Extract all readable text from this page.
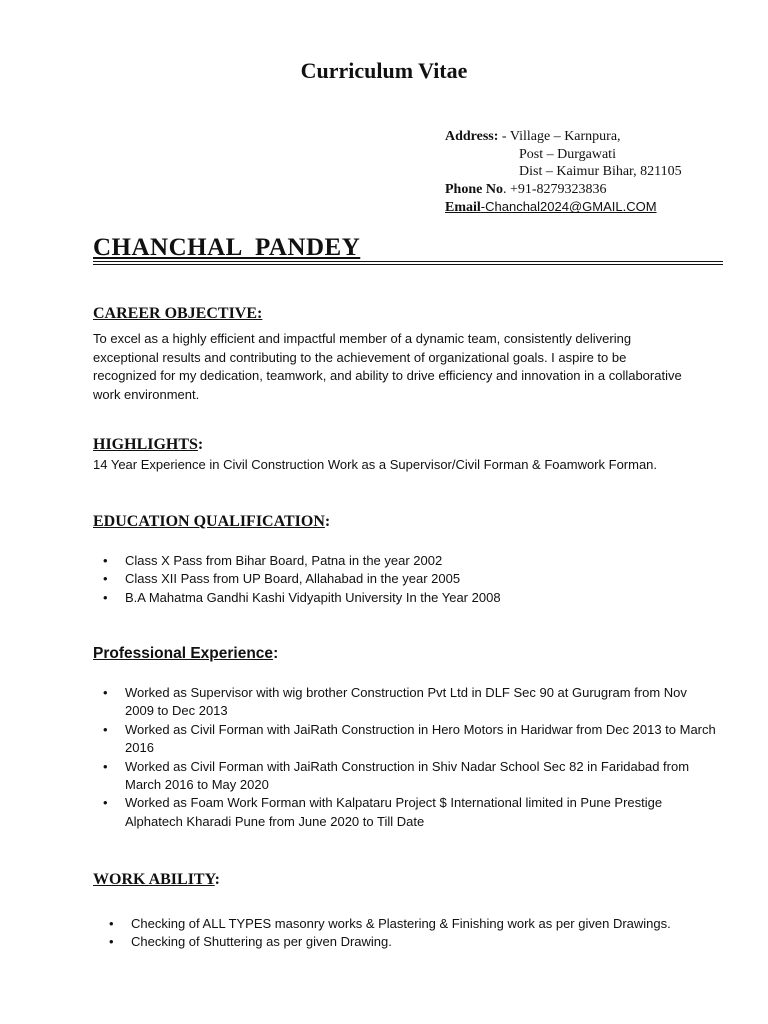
Curriculum Vitae
Address: - Village – Karnpura,
Post – Durgawati
Dist – Kaimur Bihar, 821105
Phone No. +91-8279323836
Email-Chanchal2024@GMAIL.COM
CHANCHAL  PANDEY
CAREER OBJECTIVE:
To excel as a highly efficient and impactful member of a dynamic team, consistently delivering exceptional results and contributing to the achievement of organizational goals. I aspire to be recognized for my dedication, teamwork, and ability to drive efficiency and innovation in a collaborative work environment.
HIGHLIGHTS:
14 Year Experience in Civil Construction Work as a Supervisor/Civil Forman & Foamwork Forman.
EDUCATION QUALIFICATION:
• Class X Pass from Bihar Board, Patna in the year 2002
• Class XII Pass from UP Board, Allahabad in the year 2005
• B.A Mahatma Gandhi Kashi Vidyapith University In the Year 2008
Professional Experience:
• Worked as Supervisor with wig brother Construction Pvt Ltd in DLF Sec 90 at Gurugram from Nov 2009 to Dec 2013
• Worked as Civil Forman with JaiRath Construction in Hero Motors in Haridwar from Dec 2013 to March 2016
• Worked as Civil Forman with JaiRath Construction in Shiv Nadar School Sec 82 in Faridabad from March 2016 to May 2020
• Worked as Foam Work Forman with Kalpataru Project $ International limited in Pune Prestige Alphatech Kharadi Pune from June 2020 to Till Date
WORK ABILITY:
• Checking of ALL TYPES masonry works & Plastering & Finishing work as per given Drawings.
• Checking of Shuttering as per given Drawing.
